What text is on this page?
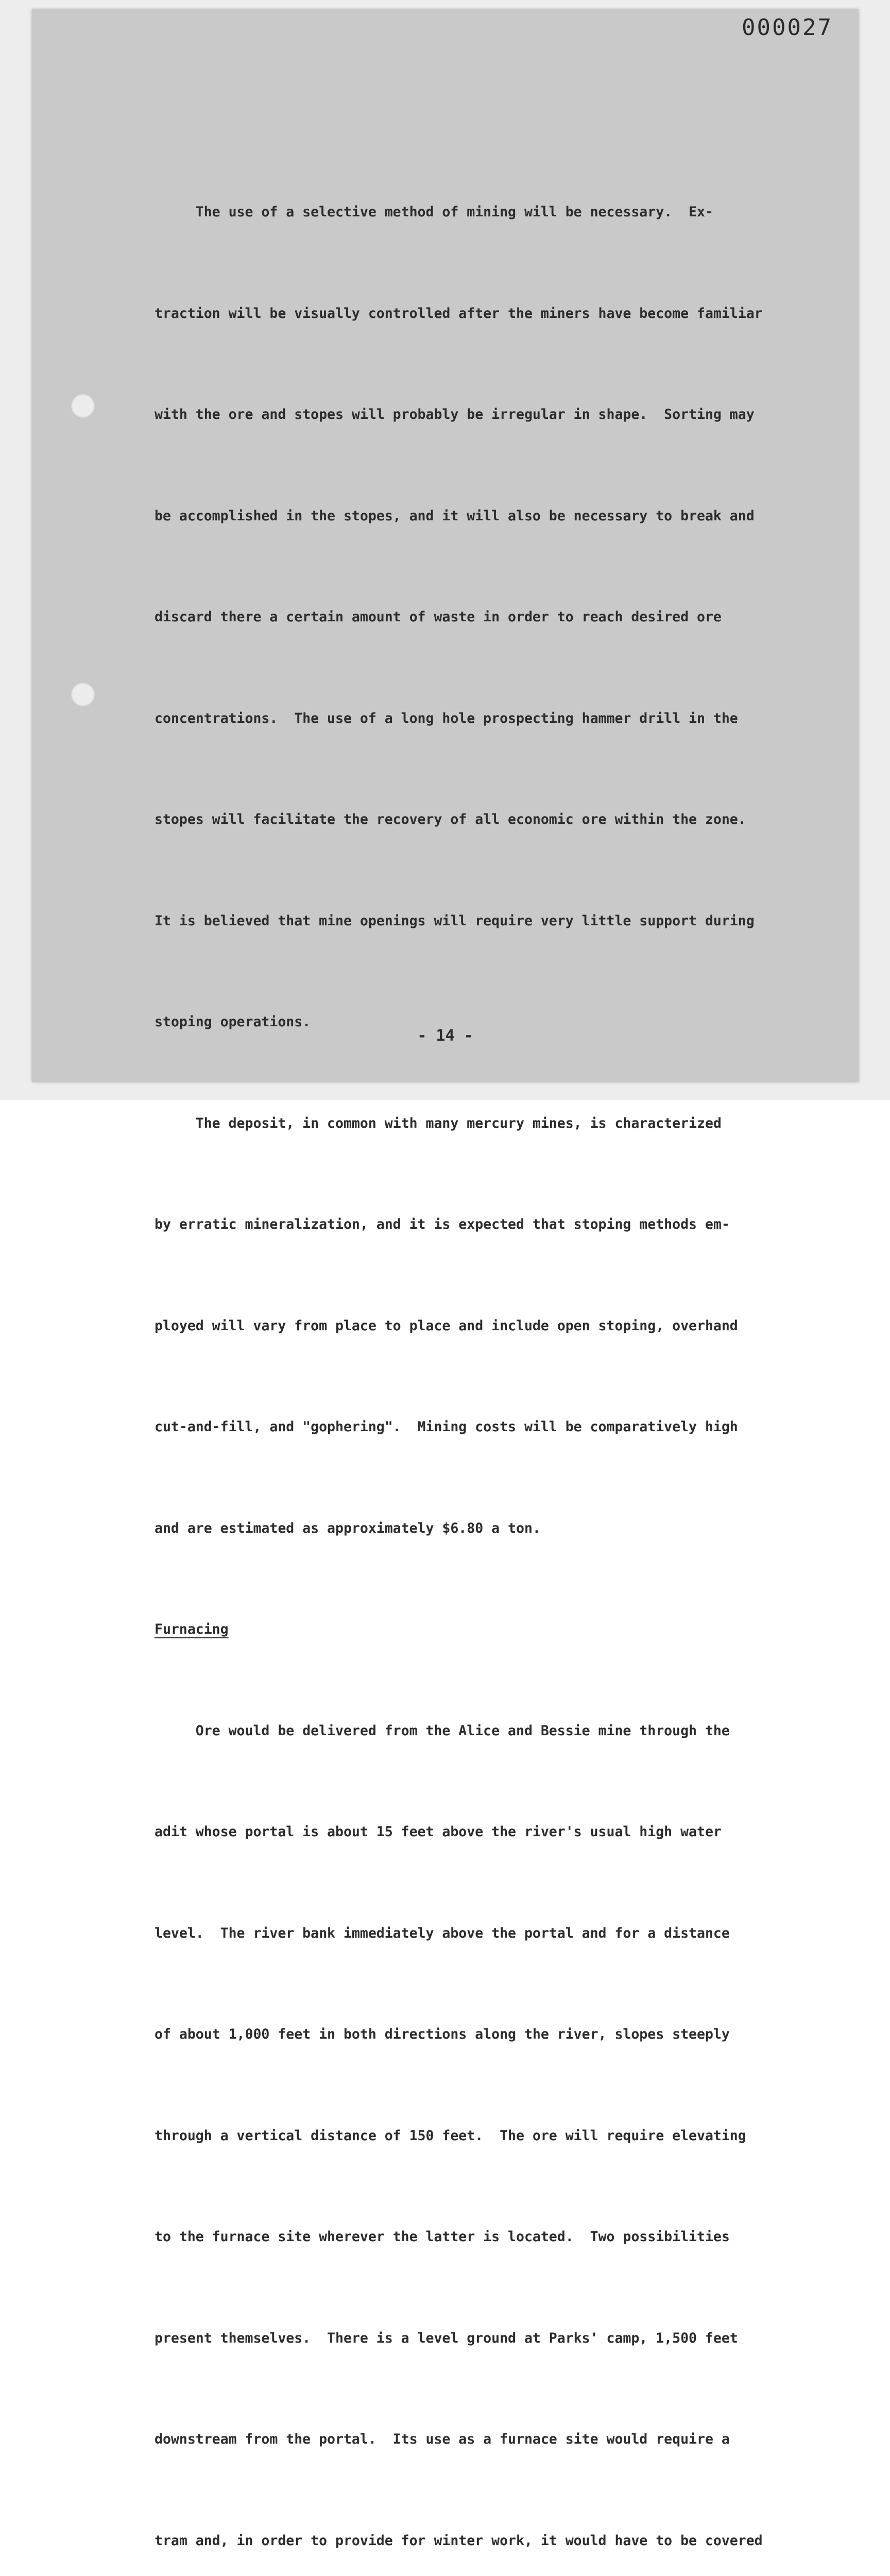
000027

The use of a selective method of mining will be necessary.  Ex-

traction will be visually controlled after the miners have become familiar

with the ore and stopes will probably be irregular in shape.  Sorting may

be accomplished in the stopes, and it will also be necessary to break and

discard there a certain amount of waste in order to reach desired ore

concentrations.  The use of a long hole prospecting hammer drill in the

stopes will facilitate the recovery of all economic ore within the zone.

It is believed that mine openings will require very little support during

stoping operations.

The deposit, in common with many mercury mines, is characterized

by erratic mineralization, and it is expected that stoping methods em-

ployed will vary from place to place and include open stoping, overhand

cut-and-fill, and "gophering".  Mining costs will be comparatively high

and are estimated as approximately $6.80 a ton.

Furnacing

Ore would be delivered from the Alice and Bessie mine through the

adit whose portal is about 15 feet above the river's usual high water

level.  The river bank immediately above the portal and for a distance

of about 1,000 feet in both directions along the river, slopes steeply

through a vertical distance of 150 feet.  The ore will require elevating

to the furnace site wherever the latter is located.  Two possibilities

present themselves.  There is a level ground at Parks' camp, 1,500 feet

downstream from the portal.  Its use as a furnace site would require a

tram and, in order to provide for winter work, it would have to be covered

- 14 -
